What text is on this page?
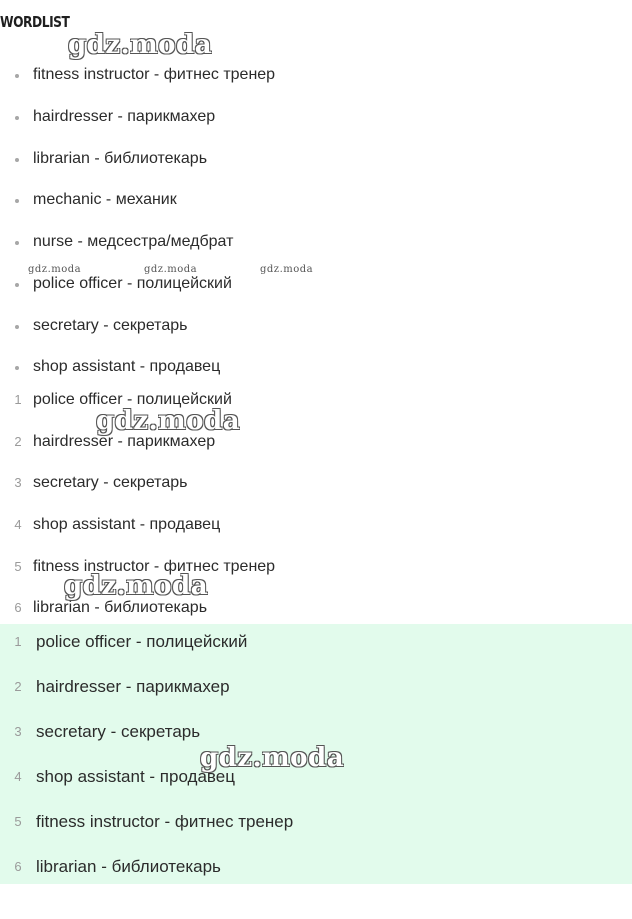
WORDLIST
fitness instructor - фитнес тренер
hairdresser - парикмахер
librarian - библиотекарь
mechanic - механик
nurse - медсестра/медбрат
police officer - полицейский
secretary - секретарь
shop assistant - продавец
1 police officer - полицейский
2 hairdresser - парикмахер
3 secretary - секретарь
4 shop assistant - продавец
5 fitness instructor - фитнес тренер
6 librarian - библиотекарь
1 police officer - полицейский
2 hairdresser - парикмахер
3 secretary - секретарь
4 shop assistant - продавец
5 fitness instructor - фитнес тренер
6 librarian - библиотекарь
gdz.moda
gdz.moda	gdz.moda	gdz.moda
gdz.moda
gdz.moda
gdz.moda
